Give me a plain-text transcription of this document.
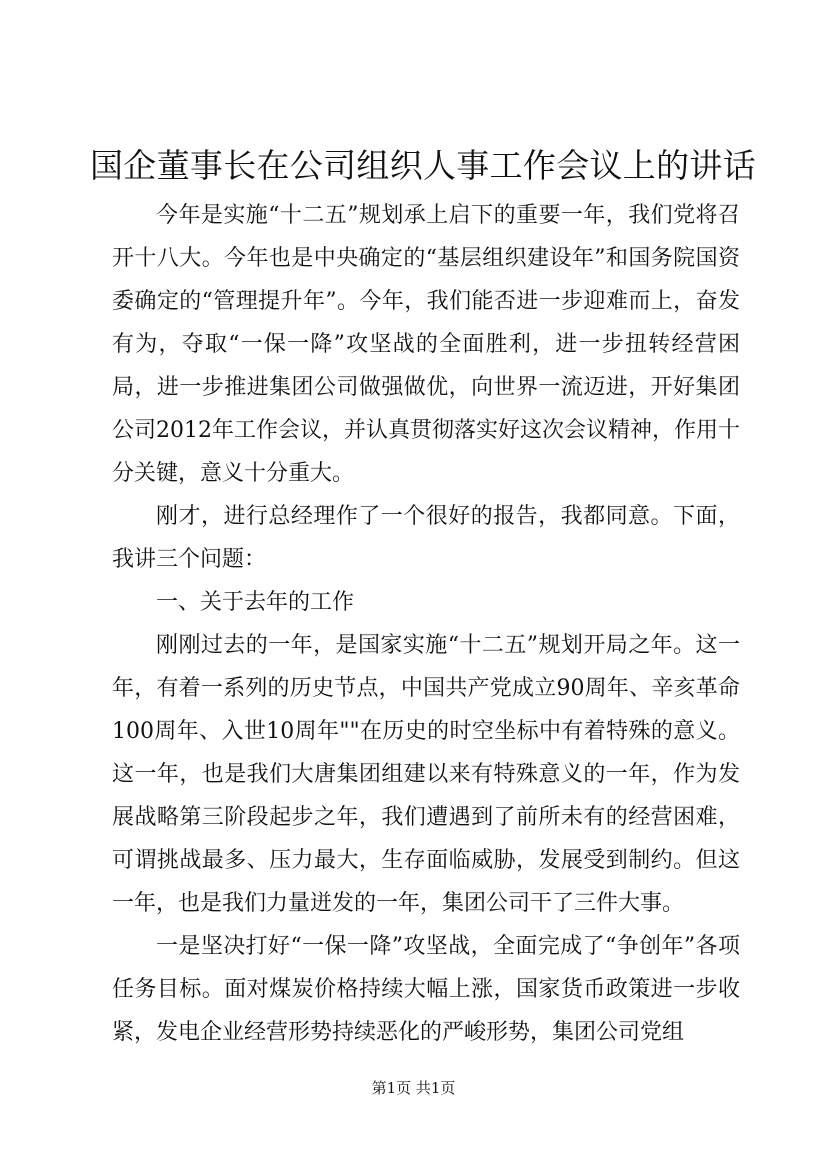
国企董事长在公司组织人事工作会议上的讲话

今年是实施“十二五”规划承上启下的重要一年，我们党将召开十八大。今年也是中央确定的“基层组织建设年”和国务院国资委确定的“管理提升年”。今年，我们能否进一步迎难而上，奋发有为，夺取“一保一降”攻坚战的全面胜利，进一步扭转经营困局，进一步推进集团公司做强做优，向世界一流迈进，开好集团公司2012年工作会议，并认真贯彻落实好这次会议精神，作用十分关键，意义十分重大。

刚才，进行总经理作了一个很好的报告，我都同意。下面，我讲三个问题：

一、关于去年的工作

刚刚过去的一年，是国家实施“十二五”规划开局之年。这一年，有着一系列的历史节点，中国共产党成立90周年、辛亥革命100周年、入世10周年""在历史的时空坐标中有着特殊的意义。这一年，也是我们大唐集团组建以来有特殊意义的一年，作为发展战略第三阶段起步之年，我们遭遇到了前所未有的经营困难，可谓挑战最多、压力最大，生存面临威胁，发展受到制约。但这一年，也是我们力量迸发的一年，集团公司干了三件大事。

一是坚决打好“一保一降”攻坚战，全面完成了“争创年”各项任务目标。面对煤炭价格持续大幅上涨，国家货币政策进一步收紧，发电企业经营形势持续恶化的严峻形势，集团公司党组

第1页 共1页
